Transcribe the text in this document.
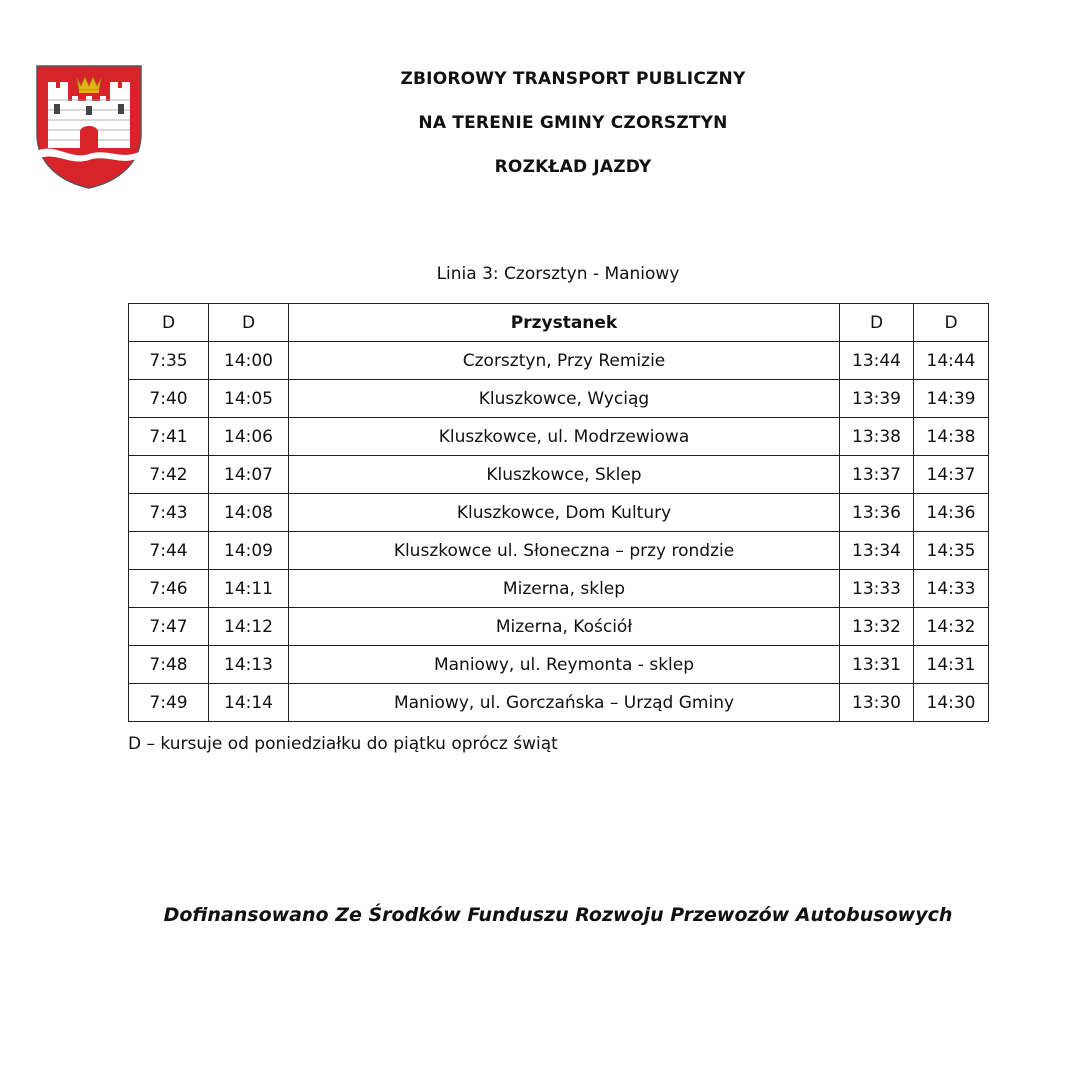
ZBIOROWY TRANSPORT PUBLICZNY
NA TERENIE GMINY CZORSZTYN
ROZKŁAD JAZDY
Linia 3: Czorsztyn - Maniowy
D	D	Przystanek	D	D
7:35	14:00	Czorsztyn, Przy Remizie	13:44	14:44
7:40	14:05	Kluszkowce, Wyciąg	13:39	14:39
7:41	14:06	Kluszkowce, ul. Modrzewiowa	13:38	14:38
7:42	14:07	Kluszkowce, Sklep	13:37	14:37
7:43	14:08	Kluszkowce, Dom Kultury	13:36	14:36
7:44	14:09	Kluszkowce ul. Słoneczna – przy rondzie	13:34	14:35
7:46	14:11	Mizerna, sklep	13:33	14:33
7:47	14:12	Mizerna, Kościół	13:32	14:32
7:48	14:13	Maniowy, ul. Reymonta - sklep	13:31	14:31
7:49	14:14	Maniowy, ul. Gorczańska – Urząd Gminy	13:30	14:30
D – kursuje od poniedziałku do piątku oprócz świąt
Dofinansowano Ze Środków Funduszu Rozwoju Przewozów Autobusowych
